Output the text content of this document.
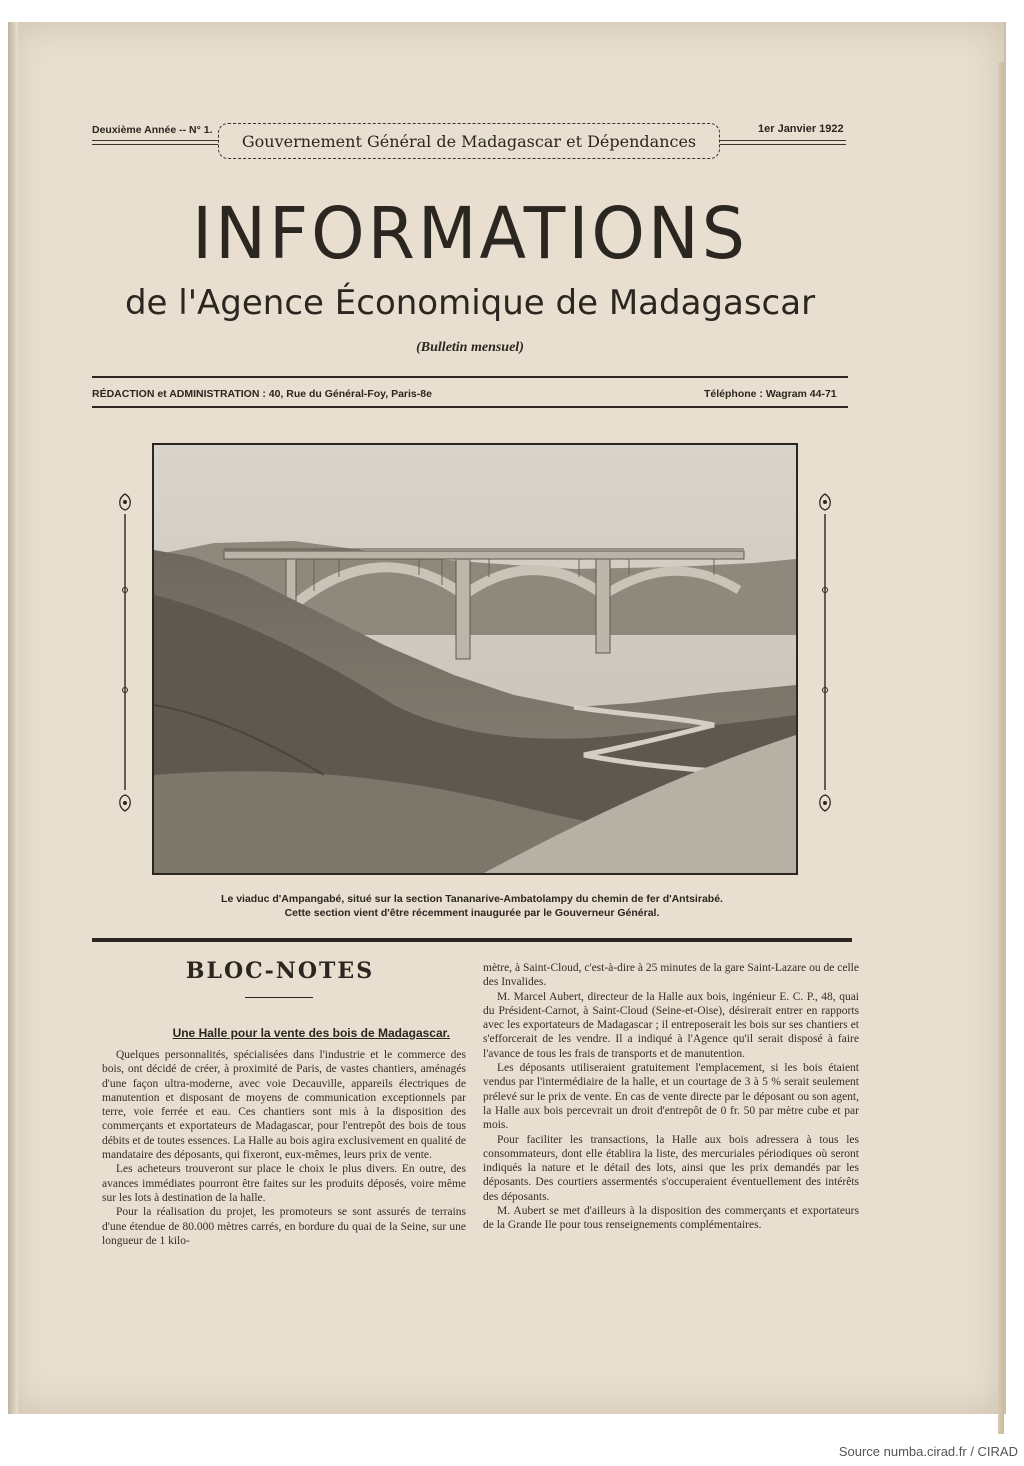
Deuxième Année -- N° 1.	1er Janvier 1922
Gouvernement Général de Madagascar et Dépendances
INFORMATIONS
de l'Agence Économique de Madagascar
(Bulletin mensuel)
RÉDACTION et ADMINISTRATION : 40, Rue du Général-Foy, Paris-8e	Téléphone : Wagram 44-71
Le viaduc d'Ampangabé, situé sur la section Tananarive-Ambatolampy du chemin de fer d'Antsirabé.
Cette section vient d'être récemment inaugurée par le Gouverneur Général.
BLOC-NOTES
Une Halle pour la vente des bois de Madagascar.

Quelques personnalités, spécialisées dans l'industrie et le commerce des bois, ont décidé de créer, à proximité de Paris, de vastes chantiers, aménagés d'une façon ultra-moderne, avec voie Decauville, appareils électriques de manutention et disposant de moyens de communication exceptionnels par terre, voie ferrée et eau. Ces chantiers sont mis à la disposition des commerçants et exportateurs de Madagascar, pour l'entrepôt des bois de tous débits et de toutes essences. La Halle au bois agira exclusivement en qualité de mandataire des déposants, qui fixeront, eux-mêmes, leurs prix de vente.

Les acheteurs trouveront sur place le choix le plus divers. En outre, des avances immédiates pourront être faites sur les produits déposés, voire même sur les lots à destination de la halle.

Pour la réalisation du projet, les promoteurs se sont assurés de terrains d'une étendue de 80.000 mètres carrés, en bordure du quai de la Seine, sur une longueur de 1 kilo-

mètre, à Saint-Cloud, c'est-à-dire à 25 minutes de la gare Saint-Lazare ou de celle des Invalides.

M. Marcel Aubert, directeur de la Halle aux bois, ingénieur E. C. P., 48, quai du Président-Carnot, à Saint-Cloud (Seine-et-Oise), désirerait entrer en rapports avec les exportateurs de Madagascar ; il entreposerait les bois sur ses chantiers et s'efforcerait de les vendre. Il a indiqué à l'Agence qu'il serait disposé à faire l'avance de tous les frais de transports et de manutention.

Les déposants utiliseraient gratuitement l'emplacement, si les bois étaient vendus par l'intermédiaire de la halle, et un courtage de 3 à 5 % serait seulement prélevé sur le prix de vente. En cas de vente directe par le déposant ou son agent, la Halle aux bois percevrait un droit d'entrepôt de 0 fr. 50 par mètre cube et par mois.

Pour faciliter les transactions, la Halle aux bois adressera à tous les consommateurs, dont elle établira la liste, des mercuriales périodiques où seront indiqués la nature et le détail des lots, ainsi que les prix demandés par les déposants. Des courtiers assermentés s'occuperaient éventuellement des intérêts des déposants.

M. Aubert se met d'ailleurs à la disposition des commerçants et exportateurs de la Grande Ile pour tous renseignements complémentaires.

Source numba.cirad.fr / CIRAD
